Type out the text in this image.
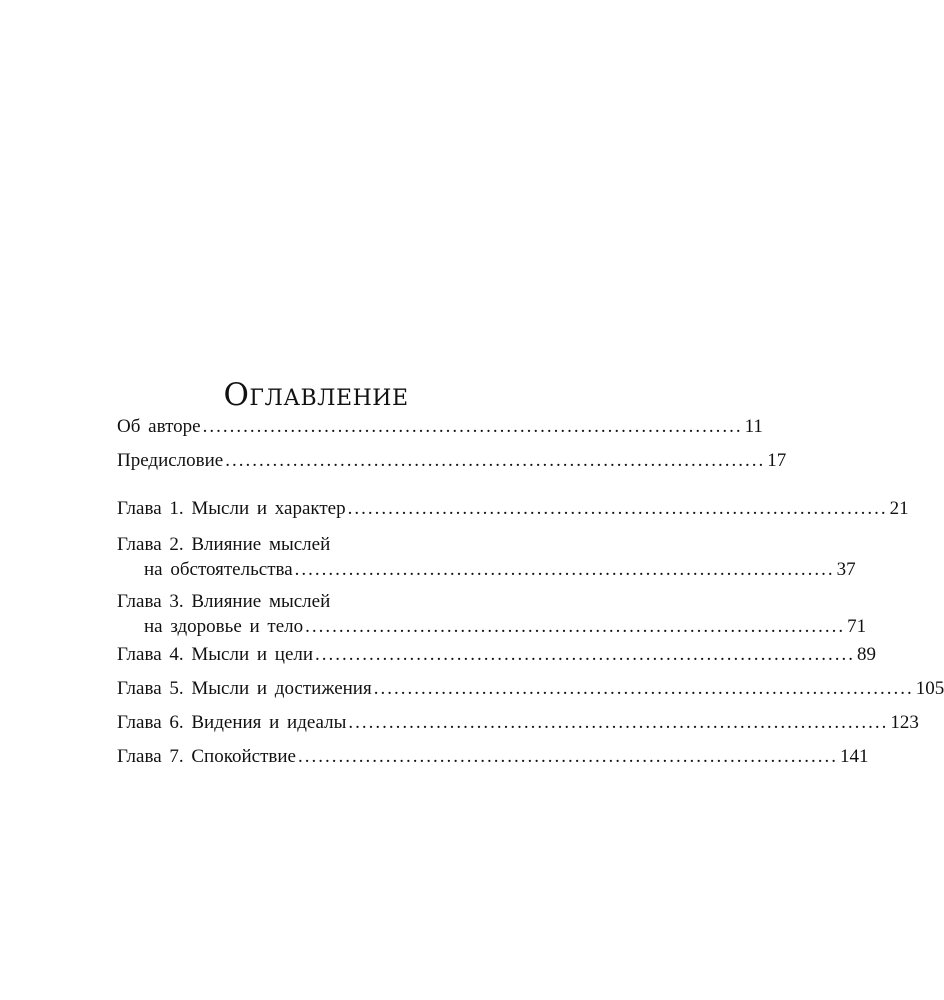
Оглавление
Об авторе ................................................................................ 11
Предисловие ................................................................................ 17
Глава 1. Мысли и характер ................................................................................ 21
Глава 2. Влияние мыслей
на обстоятельства ................................................................................ 37
Глава 3. Влияние мыслей
на здоровье и тело ................................................................................ 71
Глава 4. Мысли и цели ................................................................................ 89
Глава 5. Мысли и достижения ................................................................................ 105
Глава 6. Видения и идеалы ................................................................................ 123
Глава 7. Спокойствие ................................................................................ 141
